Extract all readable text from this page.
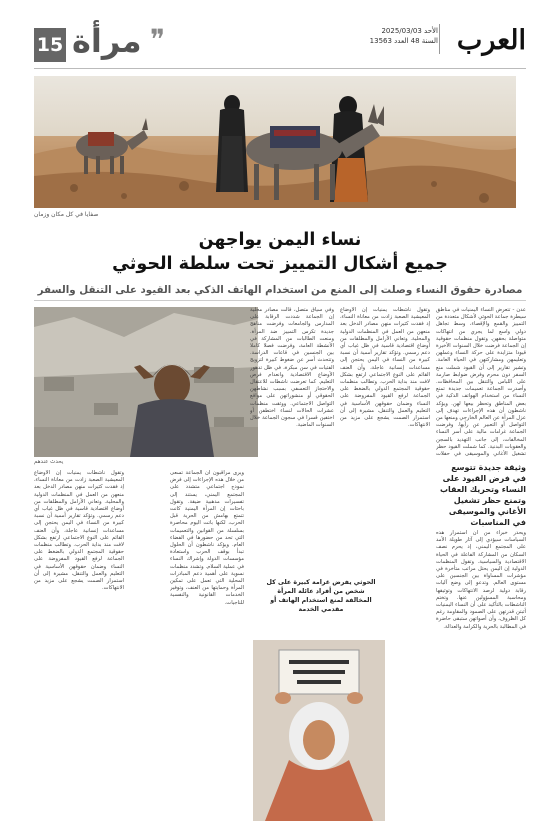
العرب
الأحد 2025/03/03
السنة 48 العدد 13563
15 مرأة ❞
صفايا في كل مكان وزمان
نساء اليمن يواجهن
جميع أشكال التمييز تحت سلطة الحوثي
مصادرة حقوق النساء وصلت إلى المنع من استخدام الهاتف الذكي بعد القيود على التنقل والسفر
يحدث عندهم

عدن - تتعرض النساء اليمنيات في مناطق سيطرة جماعة الحوثي لأشكال متعددة من التمييز والقمع والإقصاء، وسط تجاهل دولي واسع لما يجري من انتهاكات متواصلة بحقهن. وتقول منظمات حقوقية إن الجماعة فرضت خلال السنوات الأخيرة قيودا متزايدة على حركة النساء وعملهن وتعليمهن ومشاركتهن في الحياة العامة. وتشير تقارير إلى أن القيود شملت منع السفر دون محرم وفرض ضوابط صارمة على اللباس والتنقل بين المحافظات. وأصدرت الجماعة تعميمات جديدة تمنع النساء من استخدام الهواتف الذكية في بعض المناطق وتحظر بيعها لهن. ويؤكد ناشطون أن هذه الإجراءات تهدف إلى عزل المرأة عن العالم الخارجي ومنعها من التواصل أو التعبير عن رأيها. وفرضت الجماعة غرامات مالية على أسر النساء المخالفات، إلى جانب التهديد بالسجن والعقوبات البدنية. كما شملت القيود حظر تشغيل الأغاني والموسيقى في حفلات

وثيقة جديدة تتوسع في فرض القيود على النساء وتحريك العقاب وتمنع حظر تشغيل الأغاني والموسيقى في المناسبات

ويحذر خبراء من أن استمرار هذه السياسات سيؤدي إلى آثار طويلة الأمد على المجتمع اليمني، إذ يحرم نصف السكان من المشاركة الفاعلة في الحياة الاقتصادية والسياسية. وتقول المنظمات الدولية إن اليمن يحتل مراتب متأخرة في مؤشرات المساواة بين الجنسين على مستوى العالم. وتدعو إلى وضع آليات رقابة دولية لرصد الانتهاكات وتوثيقها ومحاسبة المسؤولين عنها. وتختم الناشطات بالتأكيد على أن النساء اليمنيات أثبتن قدرتهن على الصمود والمقاومة رغم كل الظروف، وأن أصواتهن ستبقى حاضرة في المطالبة بالحرية والكرامة والعدالة.

وتقول ناشطات يمنيات إن الأوضاع المعيشية الصعبة زادت من معاناة النساء، إذ فقدت كثيرات منهن مصادر الدخل بعد منعهن من العمل في المنظمات الدولية والمحلية. وتعاني الأرامل والمطلقات من أوضاع اقتصادية قاسية في ظل غياب أي دعم رسمي. وتؤكد تقارير أممية أن نسبة كبيرة من النساء في اليمن يحتجن إلى مساعدات إنسانية عاجلة، وأن العنف القائم على النوع الاجتماعي ارتفع بشكل لافت منذ بداية الحرب. وتطالب منظمات حقوقية المجتمع الدولي بالضغط على الجماعة لرفع القيود المفروضة على النساء وضمان حقوقهن الأساسية في التعليم والعمل والتنقل، مشيرة إلى أن استمرار الصمت يشجع على مزيد من الانتهاكات.

وفي سياق متصل، قالت مصادر محلية إن الجماعة شددت الرقابة على المدارس والجامعات وفرضت مناهج جديدة تكرس التمييز ضد المرأة. ومنعت الطالبات من المشاركة في الأنشطة العامة، وفرضت فصلا كاملا بين الجنسين في قاعات الدراسة. وتتحدث أسر عن ضغوط كبيرة لتزويج الفتيات في سن مبكرة، في ظل تدهور الأوضاع الاقتصادية وانعدام فرص التعليم. كما تعرضت ناشطات للاعتقال والاحتجاز التعسفي بسبب نشاطهن الحقوقي أو منشوراتهن على مواقع التواصل الاجتماعي. ووثقت منظمات عشرات الحالات لنساء اختطفن أو اختفين قسرا في سجون الجماعة خلال السنوات الماضية.

الحوثي يفرض غرامة كبيرة على كل شخص من أفراد عائلة المرأة المخالفة لمنع استخدام الهاتف أو مقدمي الخدمة

ويرى مراقبون أن الجماعة تسعى من خلال هذه الإجراءات إلى فرض نموذج اجتماعي متشدد على المجتمع اليمني، يستند إلى تفسيرات مذهبية ضيقة. وتقول باحثات إن المرأة اليمنية كانت تتمتع بهامش من الحرية قبل الحرب، لكنها باتت اليوم محاصرة بسلسلة من القوانين والتعميمات التي تحد من حضورها في الفضاء العام. ويؤكد ناشطون أن الحلول تبدأ بوقف الحرب واستعادة مؤسسات الدولة وإشراك النساء في عملية السلام. وتشدد منظمات نسوية على أهمية دعم المبادرات المحلية التي تعمل على تمكين المرأة وحمايتها من العنف، وتوفير الخدمات القانونية والنفسية للناجيات.

وتقول ناشطات يمنيات إن الأوضاع المعيشية الصعبة زادت من معاناة النساء، إذ فقدت كثيرات منهن مصادر الدخل بعد منعهن من العمل في المنظمات الدولية والمحلية. وتعاني الأرامل والمطلقات من أوضاع اقتصادية قاسية في ظل غياب أي دعم رسمي. وتؤكد تقارير أممية أن نسبة كبيرة من النساء في اليمن يحتجن إلى مساعدات إنسانية عاجلة، وأن العنف القائم على النوع الاجتماعي ارتفع بشكل لافت منذ بداية الحرب. وتطالب منظمات حقوقية المجتمع الدولي بالضغط على الجماعة لرفع القيود المفروضة على النساء وضمان حقوقهن الأساسية في التعليم والعمل والتنقل، مشيرة إلى أن استمرار الصمت يشجع على مزيد من الانتهاكات.
